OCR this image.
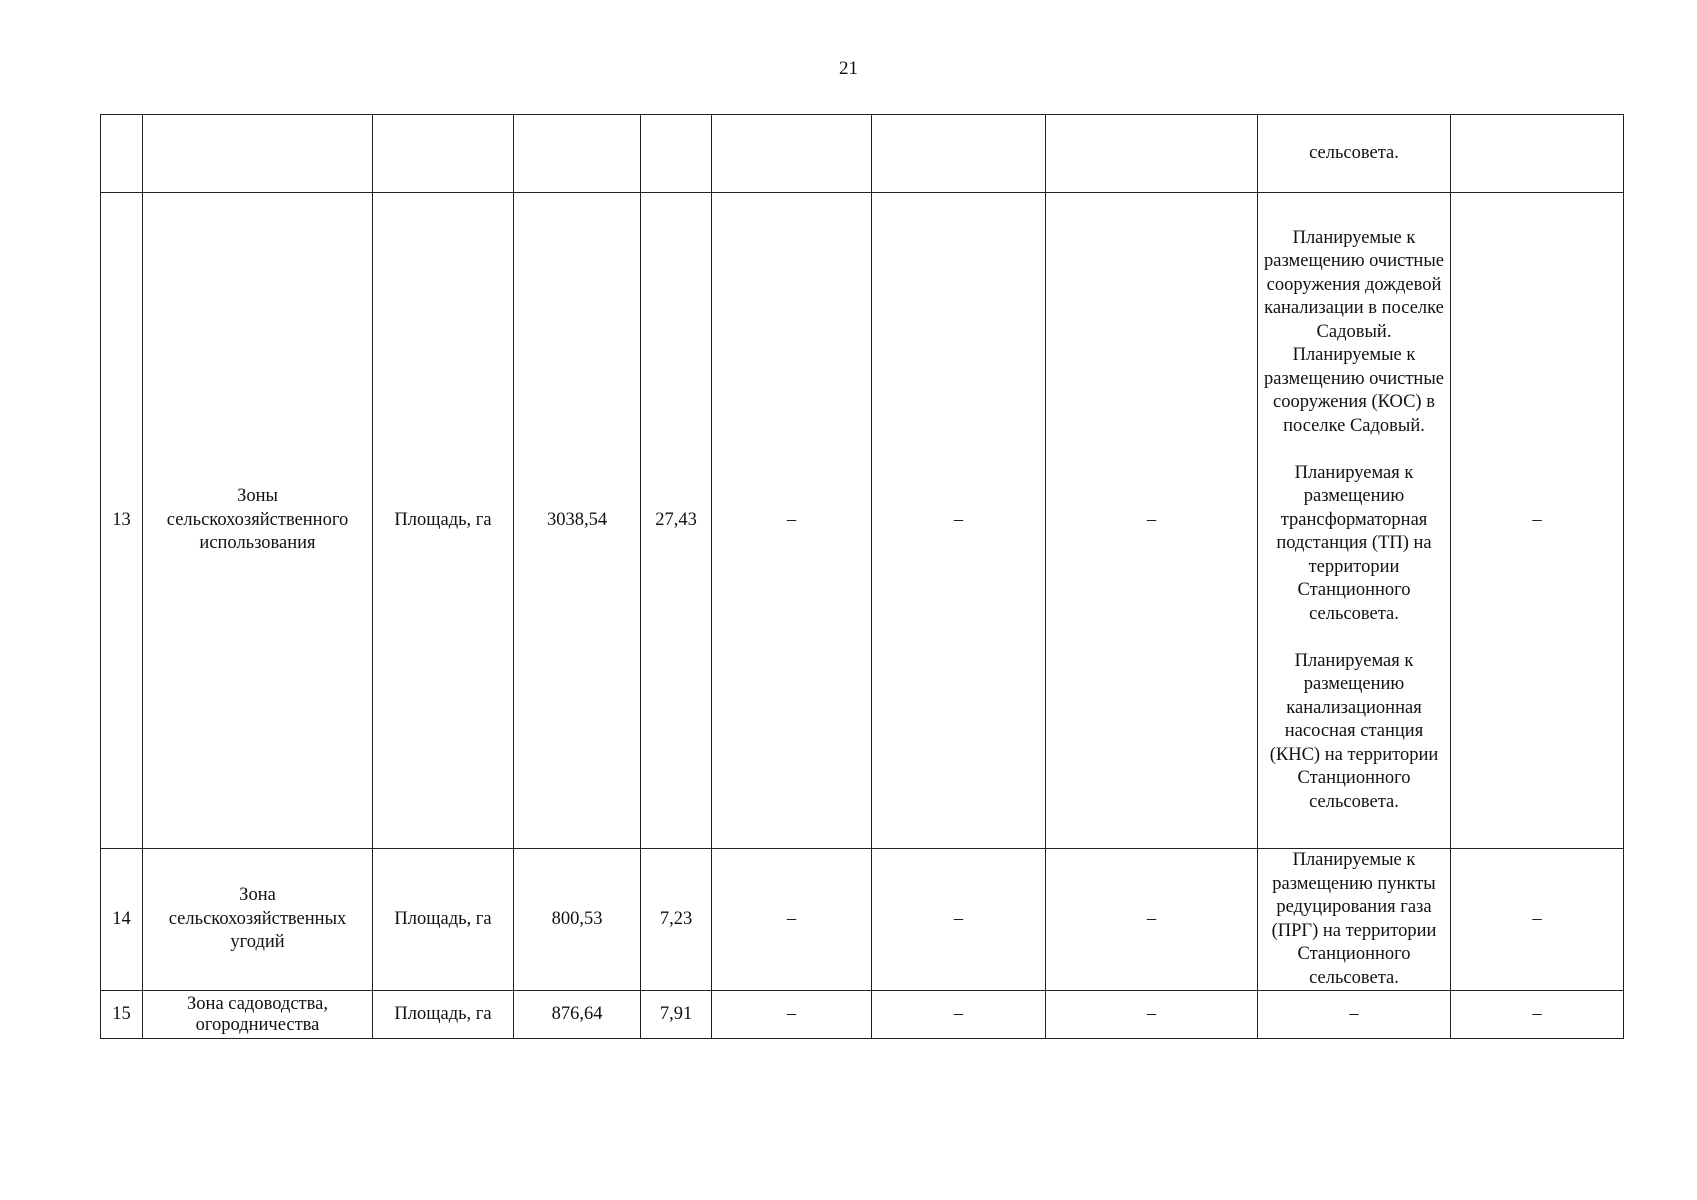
21
								сельсовета.	
13	Зоны сельскохозяйственного использования	Площадь, га	3038,54	27,43	–	–	–	Планируемые к размещению очистные сооружения дождевой канализации в поселке Садовый.
Планируемые к размещению очистные сооружения (КОС) в поселке Садовый.

Планируемая к размещению трансформаторная подстанция (ТП) на территории Станционного сельсовета.

Планируемая к размещению канализационная насосная станция (КНС) на территории Станционного сельсовета.	–
14	Зона сельскохозяйственных угодий	Площадь, га	800,53	7,23	–	–	–	Планируемые к размещению пункты редуцирования газа (ПРГ) на территории Станционного сельсовета.	–
15	Зона садоводства, огородничества	Площадь, га	876,64	7,91	–	–	–	–	–
